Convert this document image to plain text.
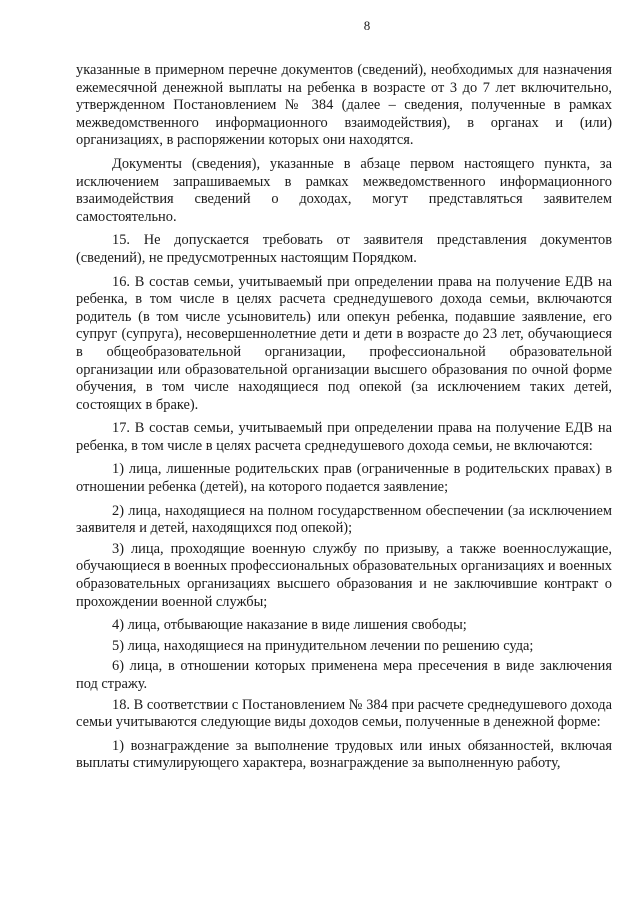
8

указанные в примерном перечне документов (сведений), необходимых для назначения ежемесячной денежной выплаты на ребенка в возрасте от 3 до 7 лет включительно, утвержденном Постановлением № 384 (далее – сведения, полученные в рамках межведомственного информационного взаимодействия), в органах и (или) организациях, в распоряжении которых они находятся.

Документы (сведения), указанные в абзаце первом настоящего пункта, за исключением запрашиваемых в рамках межведомственного информационного взаимодействия сведений о доходах, могут представляться заявителем самостоятельно.

15. Не допускается требовать от заявителя представления документов (сведений), не предусмотренных настоящим Порядком.

16. В состав семьи, учитываемый при определении права на получение ЕДВ на ребенка, в том числе в целях расчета среднедушевого дохода семьи, включаются родитель (в том числе усыновитель) или опекун ребенка, подавшие заявление, его супруг (супруга), несовершеннолетние дети и дети в возрасте до 23 лет, обучающиеся в общеобразовательной организации, профессиональной образовательной организации или образовательной организации высшего образования по очной форме обучения, в том числе находящиеся под опекой (за исключением таких детей, состоящих в браке).

17. В состав семьи, учитываемый при определении права на получение ЕДВ на ребенка, в том числе в целях расчета среднедушевого дохода семьи, не включаются:

1) лица, лишенные родительских прав (ограниченные в родительских правах) в отношении ребенка (детей), на которого подается заявление;

2) лица, находящиеся на полном государственном обеспечении (за исключением заявителя и детей, находящихся под опекой);

3) лица, проходящие военную службу по призыву, а также военнослужащие, обучающиеся в военных профессиональных образовательных организациях и военных образовательных организациях высшего образования и не заключившие контракт о прохождении военной службы;

4) лица, отбывающие наказание в виде лишения свободы;

5) лица, находящиеся на принудительном лечении по решению суда;

6) лица, в отношении которых применена мера пресечения в виде заключения под стражу.

18. В соответствии с Постановлением № 384 при расчете среднедушевого дохода семьи учитываются следующие виды доходов семьи, полученные в денежной форме:

1) вознаграждение за выполнение трудовых или иных обязанностей, включая выплаты стимулирующего характера, вознаграждение за выполненную работу,
